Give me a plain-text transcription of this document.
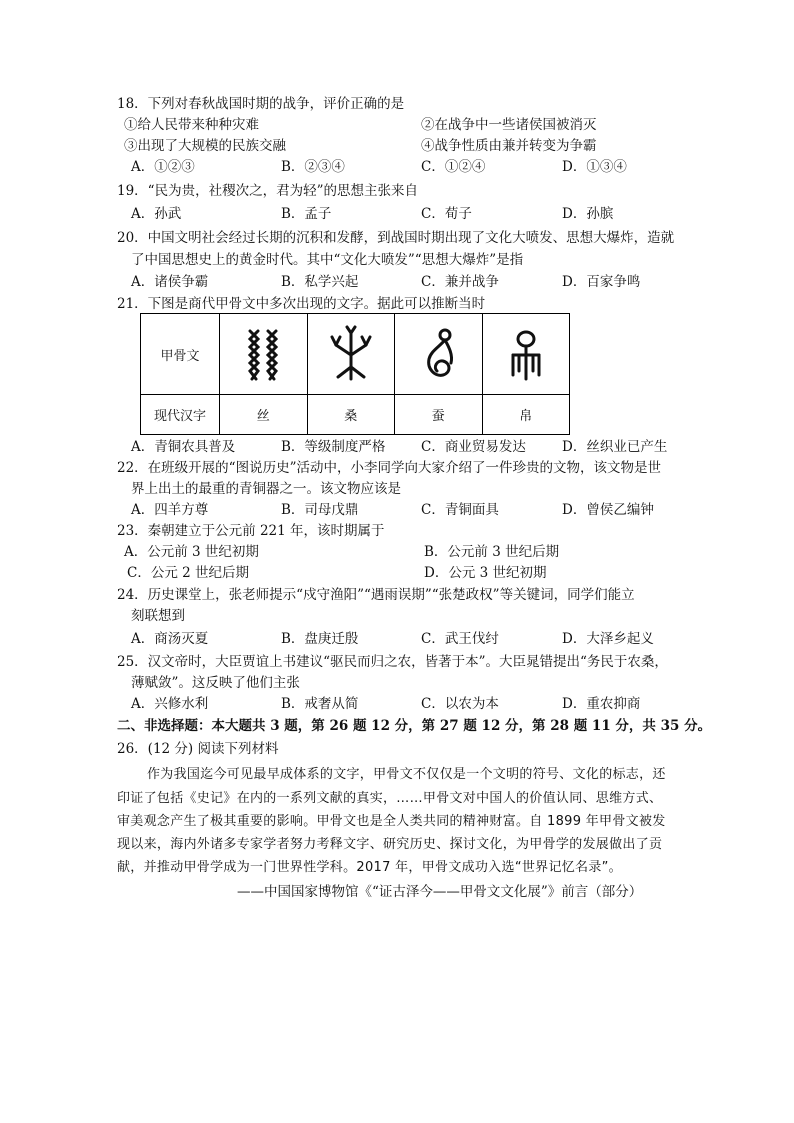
18．下列对春秋战国时期的战争，评价正确的是
①给人民带来种种灾难	②在战争中一些诸侯国被消灭
③出现了大规模的民族交融	④战争性质由兼并转变为争霸
A．①②③	B．②③④	C．①②④	D．①③④
19．“民为贵，社稷次之，君为轻”的思想主张来自
A．孙武	B．孟子	C．荀子	D．孙膑
20．中国文明社会经过长期的沉积和发酵，到战国时期出现了文化大喷发、思想大爆炸，造就
了中国思想史上的黄金时代。其中“文化大喷发”“思想大爆炸”是指
A．诸侯争霸	B．私学兴起	C．兼并战争	D．百家争鸣
21．下图是商代甲骨文中多次出现的文字。据此可以推断当时
甲骨文	

现代汉字	丝	桑	蚕	帛
A．青铜农具普及	B．等级制度严格	C．商业贸易发达	D．丝织业已产生
22．在班级开展的“图说历史”活动中，小李同学向大家介绍了一件珍贵的文物，该文物是世
界上出土的最重的青铜器之一。该文物应该是
A．四羊方尊	B．司母戊鼎	C．青铜面具	D．曾侯乙编钟
23．秦朝建立于公元前 221 年，该时期属于
A．公元前 3 世纪初期	B．公元前 3 世纪后期
C．公元 2 世纪后期	D．公元 3 世纪初期
24．历史课堂上，张老师提示“戍守渔阳”“遇雨误期”“张楚政权”等关键词，同学们能立
刻联想到
A．商汤灭夏	B．盘庚迁殷	C．武王伐纣	D．大泽乡起义
25．汉文帝时，大臣贾谊上书建议“驱民而归之农，皆著于本”。大臣晁错提出“务民于农桑，
薄赋敛”。这反映了他们主张
A．兴修水利	B．戒奢从简	C．以农为本	D．重农抑商
二、非选择题：本大题共 3 题，第 26 题 12 分，第 27 题 12 分，第 28 题 11 分，共 35 分。
26．(12 分) 阅读下列材料
作为我国迄今可见最早成体系的文字，甲骨文不仅仅是一个文明的符号、文化的标志，还
印证了包括《史记》在内的一系列文献的真实，……甲骨文对中国人的价值认同、思维方式、
审美观念产生了极其重要的影响。甲骨文也是全人类共同的精神财富。自 1899 年甲骨文被发
现以来，海内外诸多专家学者努力考释文字、研究历史、探讨文化，为甲骨学的发展做出了贡
献，并推动甲骨学成为一门世界性学科。2017 年，甲骨文成功入选“世界记忆名录”。
——中国国家博物馆《“证古泽今——甲骨文文化展”》前言（部分）
